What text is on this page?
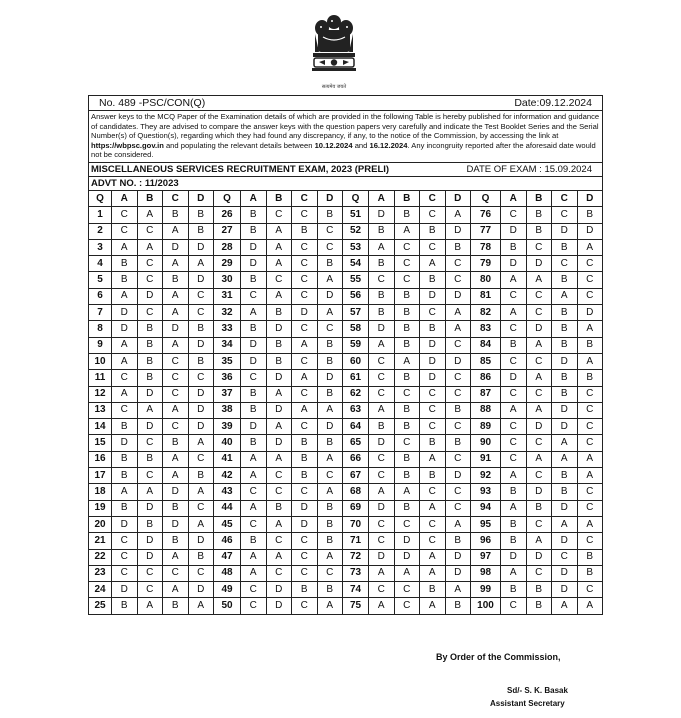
सत्यमेव जयते
No. 489 -PSC/CON(Q)	Date:09.12.2024
Answer keys to the MCQ Paper of the Examination details of which are provided in the following Table is hereby published for information and guidance of candidates. They are advised to compare the answer keys with the question papers very carefully and indicate the Test Booklet Series and the Serial Number(s) of Question(s), regarding which they had found any discrepancy, if any, to the notice of the Commission, by accessing the link at https://wbpsc.gov.in and populating the relevant details between 10.12.2024 and 16.12.2024. Any incongruity reported after the aforesaid date would not be considered.
MISCELLANEOUS SERVICES RECRUITMENT EXAM, 2023 (PRELI)	DATE OF EXAM : 15.09.2024
ADVT NO. : 11/2023
Q	A	B	C	D	Q	A	B	C	D	Q	A	B	C	D	Q	A	B	C	D
1	C	A	B	B	26	B	C	C	B	51	D	B	C	A	76	C	B	C	B
2	C	C	A	B	27	B	A	B	C	52	B	A	B	D	77	D	B	D	D
3	A	A	D	D	28	D	A	C	C	53	A	C	C	B	78	B	C	B	A
4	B	C	A	A	29	D	A	C	B	54	B	C	A	C	79	D	D	C	C
5	B	C	B	D	30	B	C	C	A	55	C	C	B	C	80	A	A	B	C
6	A	D	A	C	31	C	A	C	D	56	B	B	D	D	81	C	C	A	C
7	D	C	A	C	32	A	B	D	A	57	B	B	C	A	82	A	C	B	D
8	D	B	D	B	33	B	D	C	C	58	D	B	B	A	83	C	D	B	A
9	A	B	A	D	34	D	B	A	B	59	A	B	D	C	84	B	A	B	B
10	A	B	C	B	35	D	B	C	B	60	C	A	D	D	85	C	C	D	A
11	C	B	C	C	36	C	D	A	D	61	C	B	D	C	86	D	A	B	B
12	A	D	C	D	37	B	A	C	B	62	C	C	C	C	87	C	C	B	C
13	C	A	A	D	38	B	D	A	A	63	A	B	C	B	88	A	A	D	C
14	B	D	C	D	39	D	A	C	D	64	B	B	C	C	89	C	D	D	C
15	D	C	B	A	40	B	D	B	B	65	D	C	B	B	90	C	C	A	C
16	B	B	A	C	41	A	A	B	A	66	C	B	A	C	91	C	A	A	A
17	B	C	A	B	42	A	C	B	C	67	C	B	B	D	92	A	C	B	A
18	A	A	D	A	43	C	C	C	A	68	A	A	C	C	93	B	D	B	C
19	B	D	B	C	44	A	B	D	B	69	D	B	A	C	94	A	B	D	C
20	D	B	D	A	45	C	A	D	B	70	C	C	C	A	95	B	C	A	A
21	C	D	B	D	46	B	C	C	B	71	C	D	C	B	96	B	A	D	C
22	C	D	A	B	47	A	A	C	A	72	D	D	A	D	97	D	D	C	B
23	C	C	C	C	48	A	C	C	C	73	A	A	A	D	98	A	C	D	B
24	D	C	A	D	49	C	D	B	B	74	C	C	B	A	99	B	B	D	C
25	B	A	B	A	50	C	D	C	A	75	A	C	A	B	100	C	B	A	A
By Order of the Commission,
Sd/- S. K. Basak
Assistant Secretary
